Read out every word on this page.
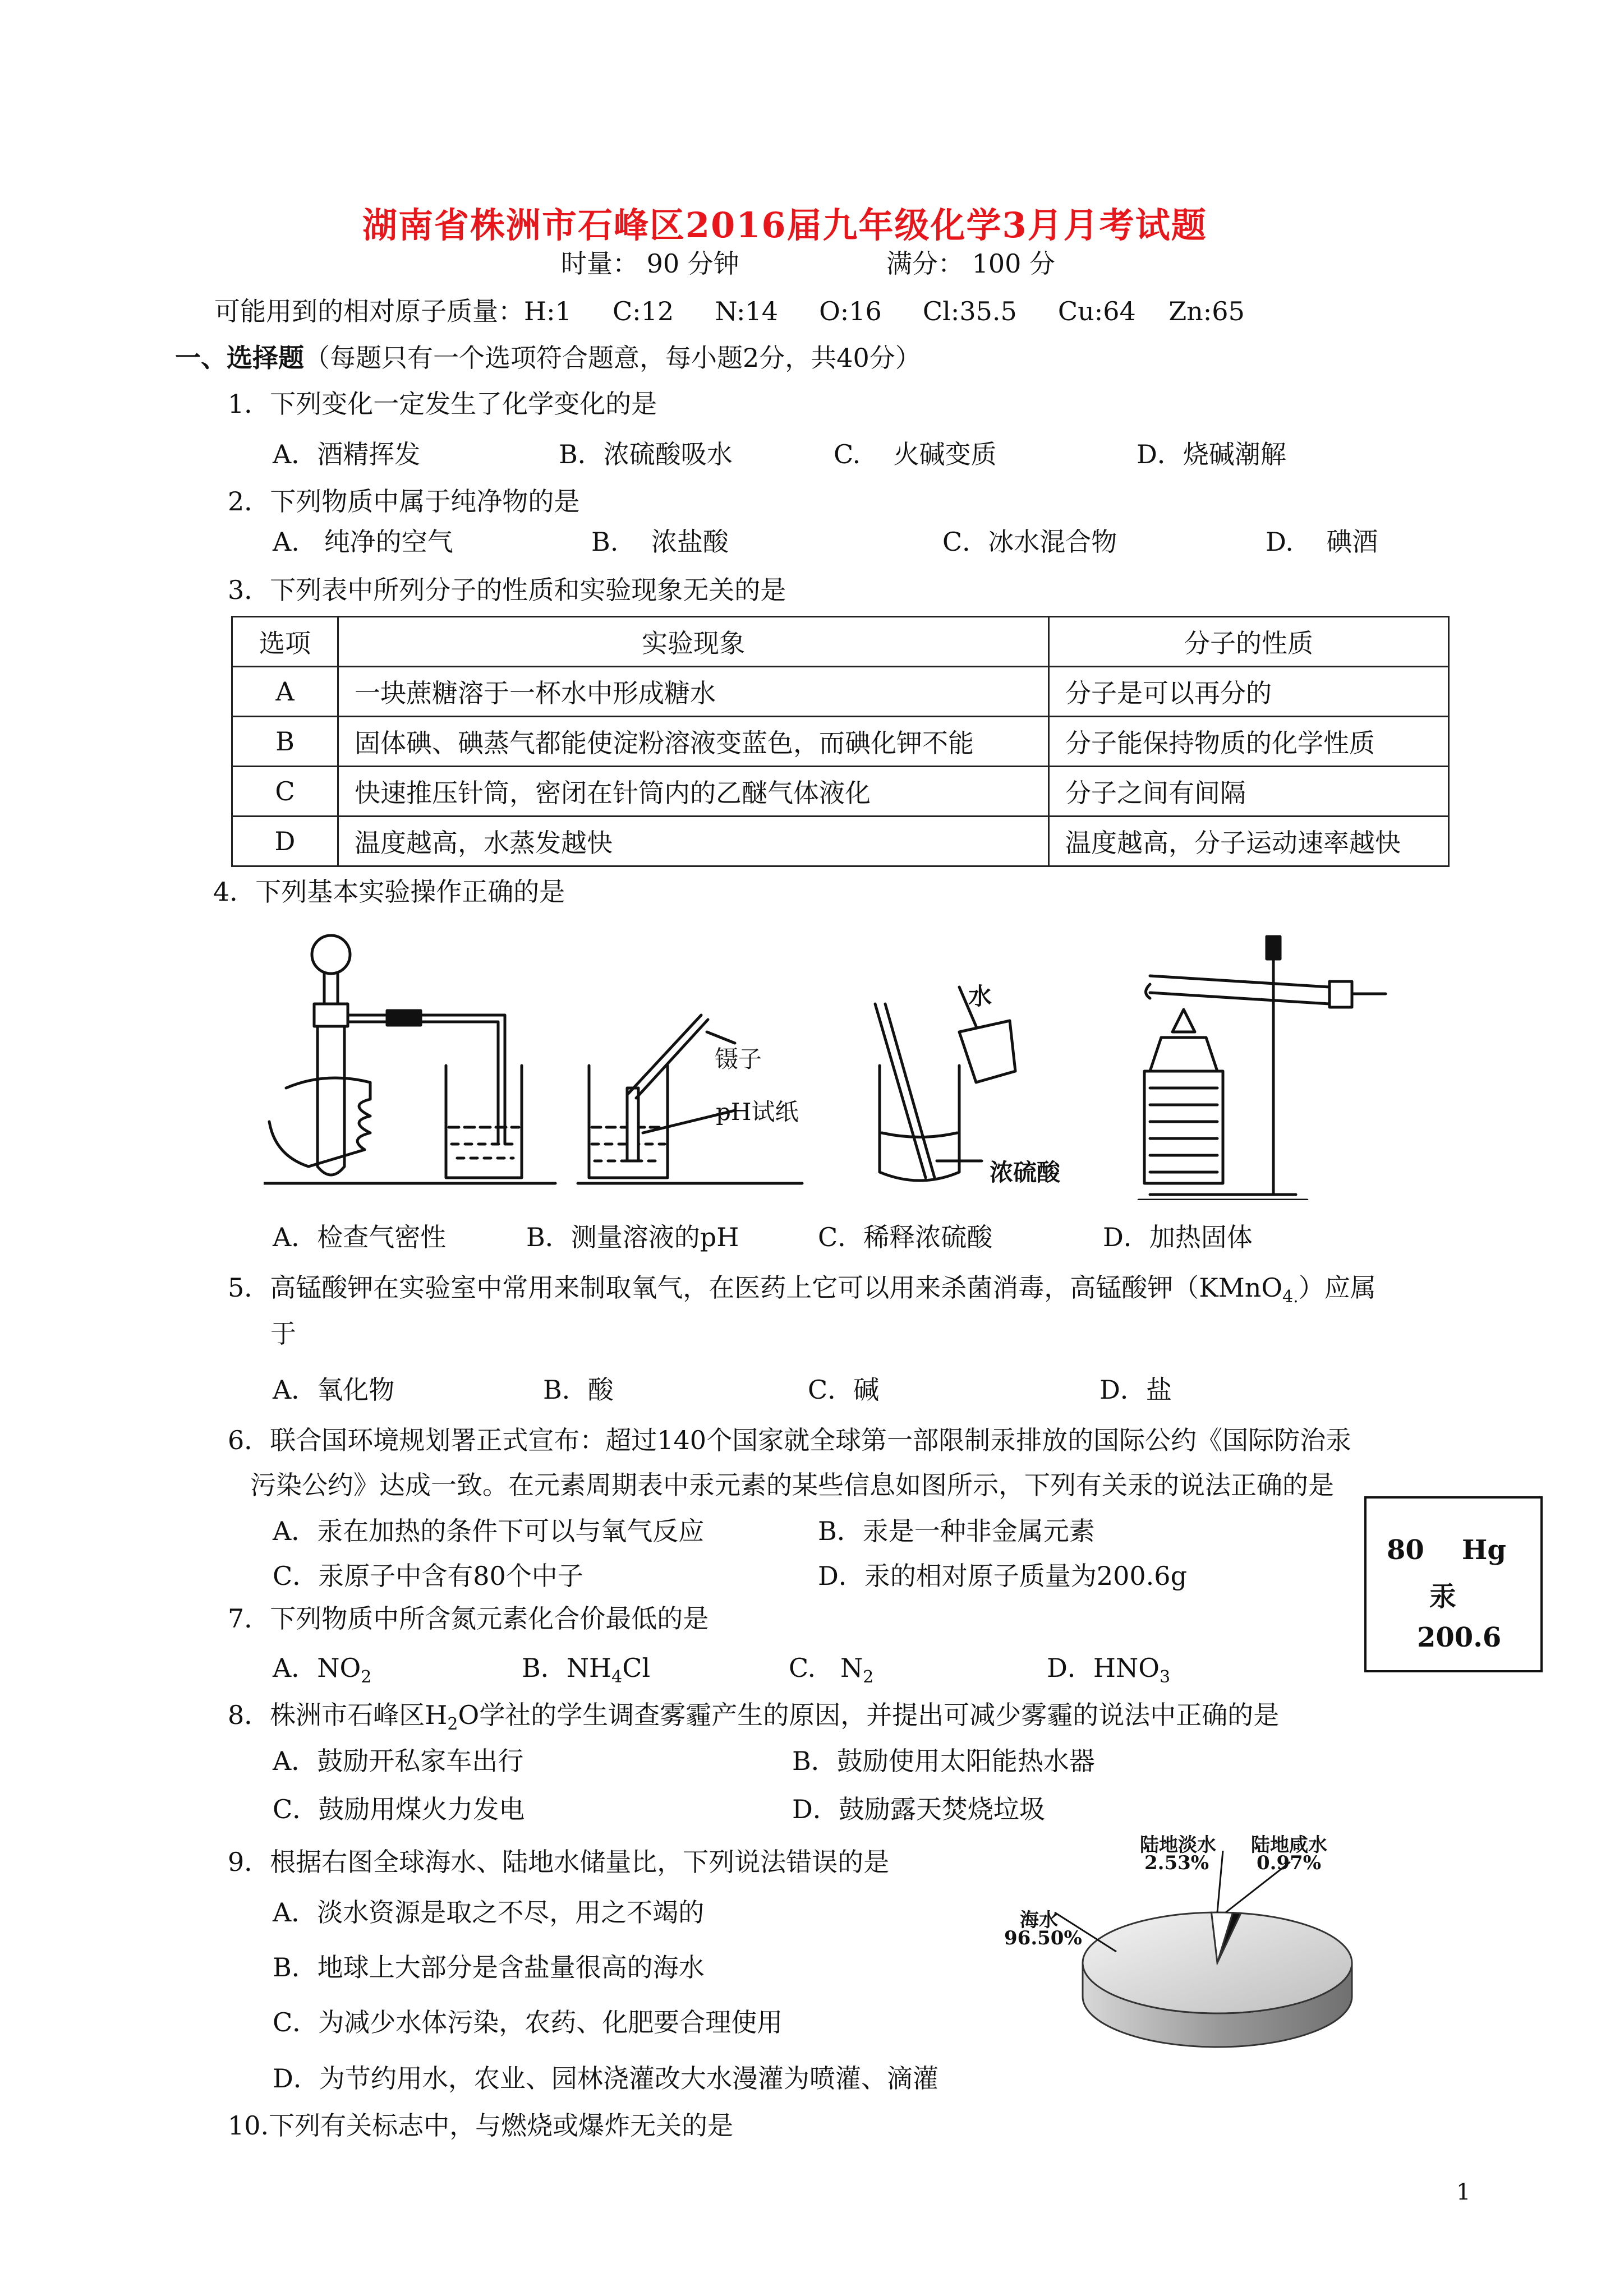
湖南省株洲市石峰区2016届九年级化学3月月考试题
时量： 90 分钟	满分： 100 分
可能用到的相对原子质量：H:1     C:12     N:14     O:16     Cl:35.5     Cu:64    Zn:65
一、选择题（每题只有一个选项符合题意，每小题2分，共40分）
1．下列变化一定发生了化学变化的是
A．酒精挥发	B．浓硫酸吸水	C.    火碱变质	D．烧碱潮解
2．下列物质中属于纯净物的是
A.   纯净的空气	B.    浓盐酸	C．冰水混合物	D.    碘酒
3．下列表中所列分子的性质和实验现象无关的是
选项	实验现象	分子的性质
A	一块蔗糖溶于一杯水中形成糖水	分子是可以再分的
B	固体碘、碘蒸气都能使淀粉溶液变蓝色，而碘化钾不能	分子能保持物质的化学性质
C	快速推压针筒，密闭在针筒内的乙醚气体液化	分子之间有间隔
D	温度越高，水蒸发越快	温度越高，分子运动速率越快
4．下列基本实验操作正确的是
镊子
pH试纸
水
浓硫酸
A．检查气密性	B．测量溶液的pH	C．稀释浓硫酸	D．加热固体
5．高锰酸钾在实验室中常用来制取氧气，在医药上它可以用来杀菌消毒，高锰酸钾（KMnO$_{4.}$）应属
于
A．氧化物	B．酸	C．碱	D．盐
6．联合国环境规划署正式宣布：超过140个国家就全球第一部限制汞排放的国际公约《国际防治汞
污染公约》达成一致。在元素周期表中汞元素的某些信息如图所示，下列有关汞的说法正确的是
A．汞在加热的条件下可以与氧气反应	B．汞是一种非金属元素
C．汞原子中含有80个中子	D．汞的相对原子质量为200.6g
80 Hg
汞
200.6
7．下列物质中所含氮元素化合价最低的是
A．$NO_2$	B．$NH_4Cl$	C.   $N_2$	D．$HNO_3$
8．株洲市石峰区$H_2O$学社的学生调查雾霾产生的原因，并提出可减少雾霾的说法中正确的是
A．鼓励开私家车出行	B．鼓励使用太阳能热水器
C．鼓励用煤火力发电	D．鼓励露天焚烧垃圾
9．根据右图全球海水、陆地水储量比，下列说法错误的是
A．淡水资源是取之不尽，用之不竭的
B．地球上大部分是含盐量很高的海水
C．为减少水体污染，农药、化肥要合理使用
D．为节约用水，农业、园林浇灌改大水漫灌为喷灌、滴灌
陆地淡水
2.53%
陆地咸水
0.97%
海水
96.50%
10.下列有关标志中，与燃烧或爆炸无关的是
1
